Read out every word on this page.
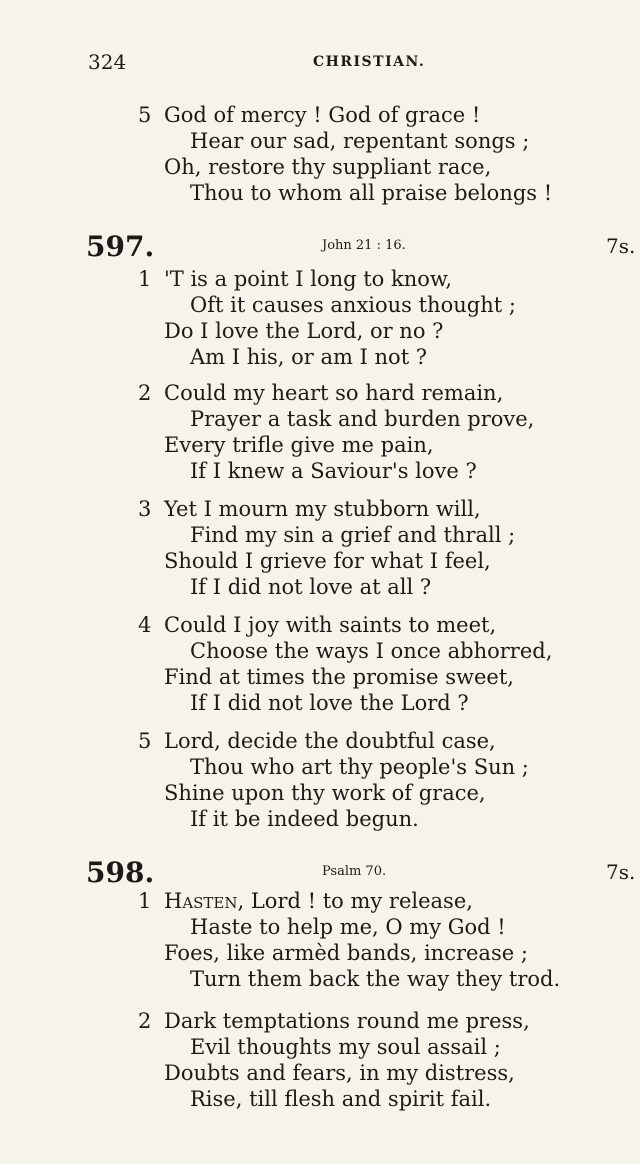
324	CHRISTIAN.
5 God of mercy ! God of grace !
Hear our sad, repentant songs ;
Oh, restore thy suppliant race,
Thou to whom all praise belongs !
597.	John 21 : 16.	7s.
1 'T is a point I long to know,
Oft it causes anxious thought ;
Do I love the Lord, or no ?
Am I his, or am I not ?
2 Could my heart so hard remain,
Prayer a task and burden prove,
Every trifle give me pain,
If I knew a Saviour's love ?
3 Yet I mourn my stubborn will,
Find my sin a grief and thrall ;
Should I grieve for what I feel,
If I did not love at all ?
4 Could I joy with saints to meet,
Choose the ways I once abhorred,
Find at times the promise sweet,
If I did not love the Lord ?
5 Lord, decide the doubtful case,
Thou who art thy people's Sun ;
Shine upon thy work of grace,
If it be indeed begun.
598.	Psalm 70.	7s.
1 Hasten, Lord ! to my release,
Haste to help me, O my God !
Foes, like armèd bands, increase ;
Turn them back the way they trod.
2 Dark temptations round me press,
Evil thoughts my soul assail ;
Doubts and fears, in my distress,
Rise, till flesh and spirit fail.
